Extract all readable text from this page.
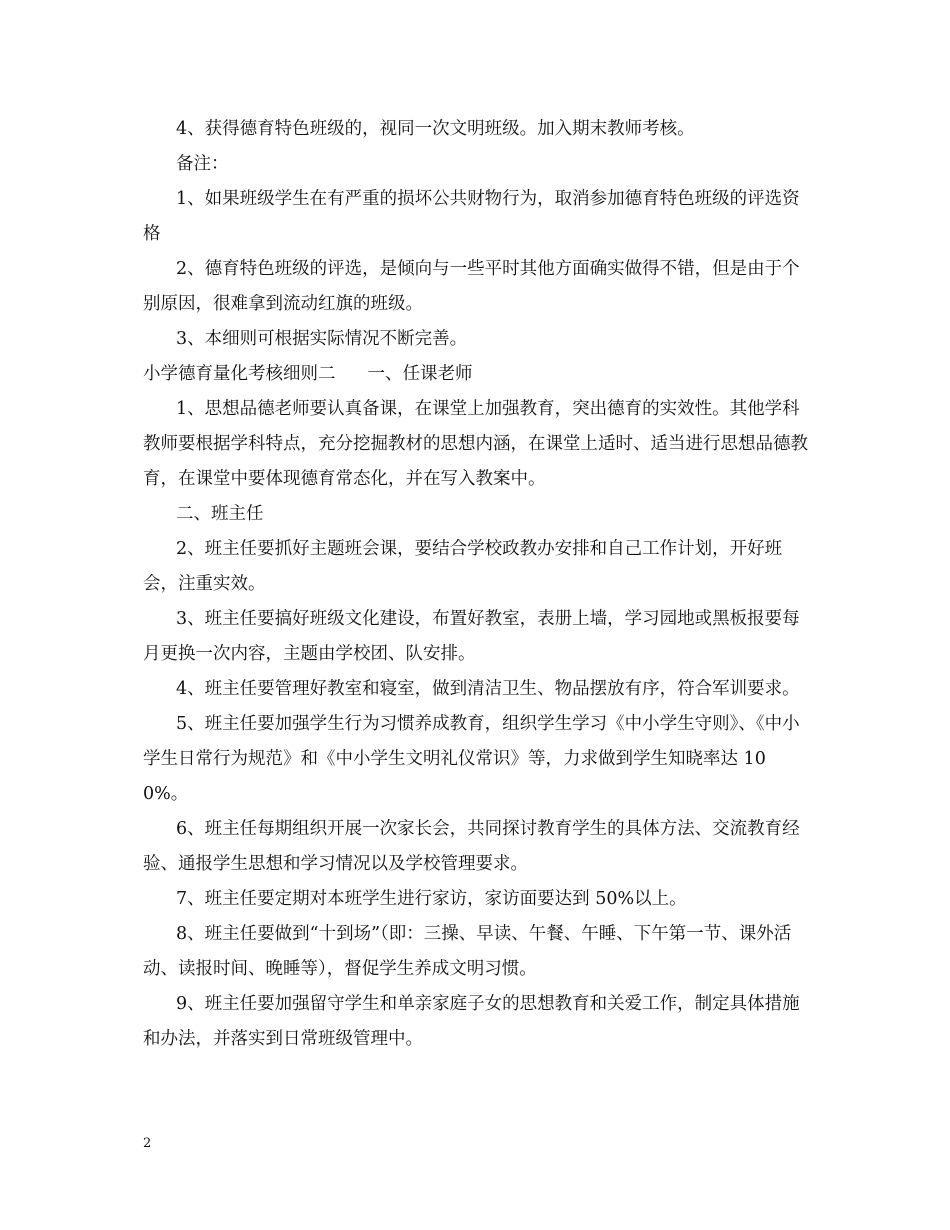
4、获得德育特色班级的，视同一次文明班级。加入期末教师考核。

备注：

1、如果班级学生在有严重的损坏公共财物行为，取消参加德育特色班级的评选资格

2、德育特色班级的评选，是倾向与一些平时其他方面确实做得不错，但是由于个别原因，很难拿到流动红旗的班级。

3、本细则可根据实际情况不断完善。

小学德育量化考核细则二 一、任课老师

1、思想品德老师要认真备课，在课堂上加强教育，突出德育的实效性。其他学科教师要根据学科特点，充分挖掘教材的思想内涵，在课堂上适时、适当进行思想品德教育，在课堂中要体现德育常态化，并在写入教案中。

二、班主任

2、班主任要抓好主题班会课，要结合学校政教办安排和自己工作计划，开好班会，注重实效。

3、班主任要搞好班级文化建设，布置好教室，表册上墙，学习园地或黑板报要每月更换一次内容，主题由学校团、队安排。

4、班主任要管理好教室和寝室，做到清洁卫生、物品摆放有序，符合军训要求。

5、班主任要加强学生行为习惯养成教育，组织学生学习《中小学生守则》、《中小学生日常行为规范》和《中小学生文明礼仪常识》等，力求做到学生知晓率达 100%。

6、班主任每期组织开展一次家长会，共同探讨教育学生的具体方法、交流教育经验、通报学生思想和学习情况以及学校管理要求。

7、班主任要定期对本班学生进行家访，家访面要达到 50%以上。

8、班主任要做到“十到场”（即：三操、早读、午餐、午睡、下午第一节、课外活动、读报时间、晚睡等），督促学生养成文明习惯。

9、班主任要加强留守学生和单亲家庭子女的思想教育和关爱工作，制定具体措施和办法，并落实到日常班级管理中。

2
